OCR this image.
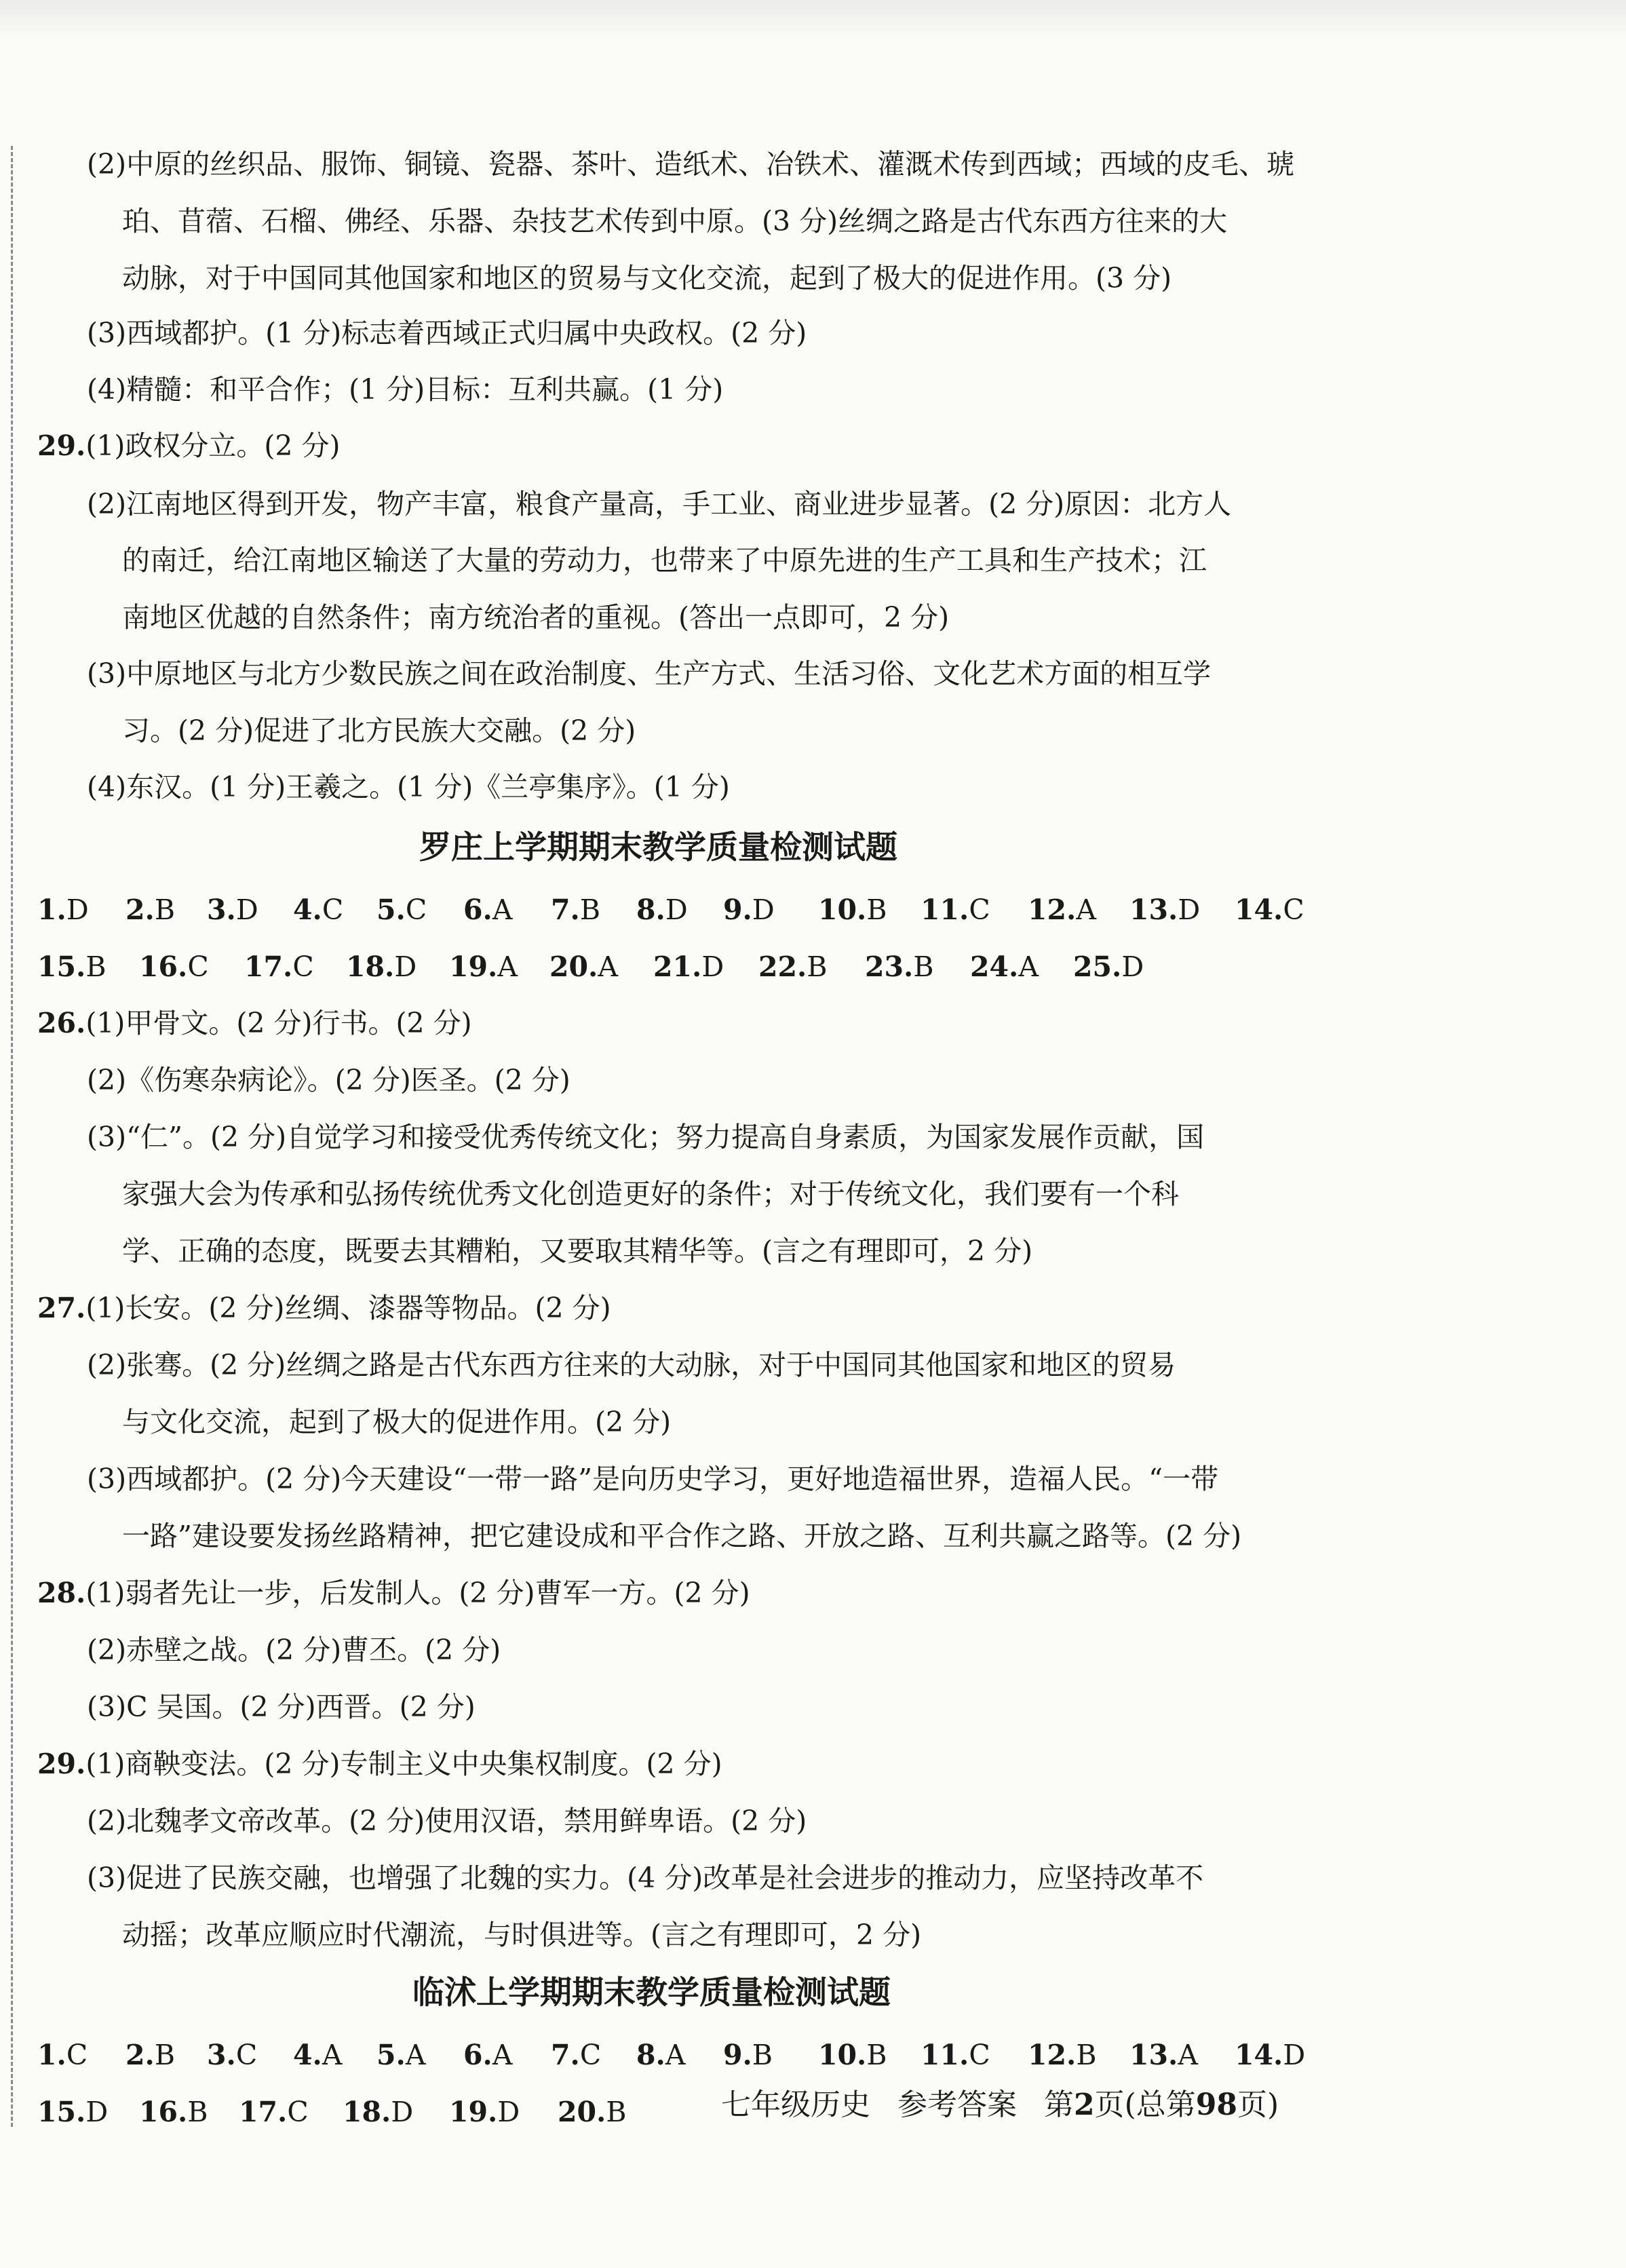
(2)中原的丝织品、服饰、铜镜、瓷器、茶叶、造纸术、冶铁术、灌溉术传到西域；西域的皮毛、琥
珀、苜蓿、石榴、佛经、乐器、杂技艺术传到中原。(3 分)丝绸之路是古代东西方往来的大
动脉，对于中国同其他国家和地区的贸易与文化交流，起到了极大的促进作用。(3 分)
(3)西域都护。(1 分)标志着西域正式归属中央政权。(2 分)
(4)精髓：和平合作；(1 分)目标：互利共赢。(1 分)
29.(1)政权分立。(2 分)
(2)江南地区得到开发，物产丰富，粮食产量高，手工业、商业进步显著。(2 分)原因：北方人
的南迁，给江南地区输送了大量的劳动力，也带来了中原先进的生产工具和生产技术；江
南地区优越的自然条件；南方统治者的重视。(答出一点即可，2 分)
(3)中原地区与北方少数民族之间在政治制度、生产方式、生活习俗、文化艺术方面的相互学
习。(2 分)促进了北方民族大交融。(2 分)
(4)东汉。(1 分)王羲之。(1 分)《兰亭集序》。(1 分)
罗庄上学期期末教学质量检测试题
1.D 2.B 3.D 4.C 5.C 6.A 7.B 8.D 9.D 10.B 11.C 12.A 13.D 14.C
15.B 16.C 17.C 18.D 19.A 20.A 21.D 22.B 23.B 24.A 25.D
26.(1)甲骨文。(2 分)行书。(2 分)
(2)《伤寒杂病论》。(2 分)医圣。(2 分)
(3)“仁”。(2 分)自觉学习和接受优秀传统文化；努力提高自身素质，为国家发展作贡献，国
家强大会为传承和弘扬传统优秀文化创造更好的条件；对于传统文化，我们要有一个科
学、正确的态度，既要去其糟粕，又要取其精华等。(言之有理即可，2 分)
27.(1)长安。(2 分)丝绸、漆器等物品。(2 分)
(2)张骞。(2 分)丝绸之路是古代东西方往来的大动脉，对于中国同其他国家和地区的贸易
与文化交流，起到了极大的促进作用。(2 分)
(3)西域都护。(2 分)今天建设“一带一路”是向历史学习，更好地造福世界，造福人民。“一带
一路”建设要发扬丝路精神，把它建设成和平合作之路、开放之路、互利共赢之路等。(2 分)
28.(1)弱者先让一步，后发制人。(2 分)曹军一方。(2 分)
(2)赤壁之战。(2 分)曹丕。(2 分)
(3)C 吴国。(2 分)西晋。(2 分)
29.(1)商鞅变法。(2 分)专制主义中央集权制度。(2 分)
(2)北魏孝文帝改革。(2 分)使用汉语，禁用鲜卑语。(2 分)
(3)促进了民族交融，也增强了北魏的实力。(4 分)改革是社会进步的推动力，应坚持改革不
动摇；改革应顺应时代潮流，与时俱进等。(言之有理即可，2 分)
临沭上学期期末教学质量检测试题
1.C 2.B 3.C 4.A 5.A 6.A 7.C 8.A 9.B 10.B 11.C 12.B 13.A 14.D
15.D 16.B 17.C 18.D 19.D 20.B	七年级历史 参考答案 第2页(总第98页)
